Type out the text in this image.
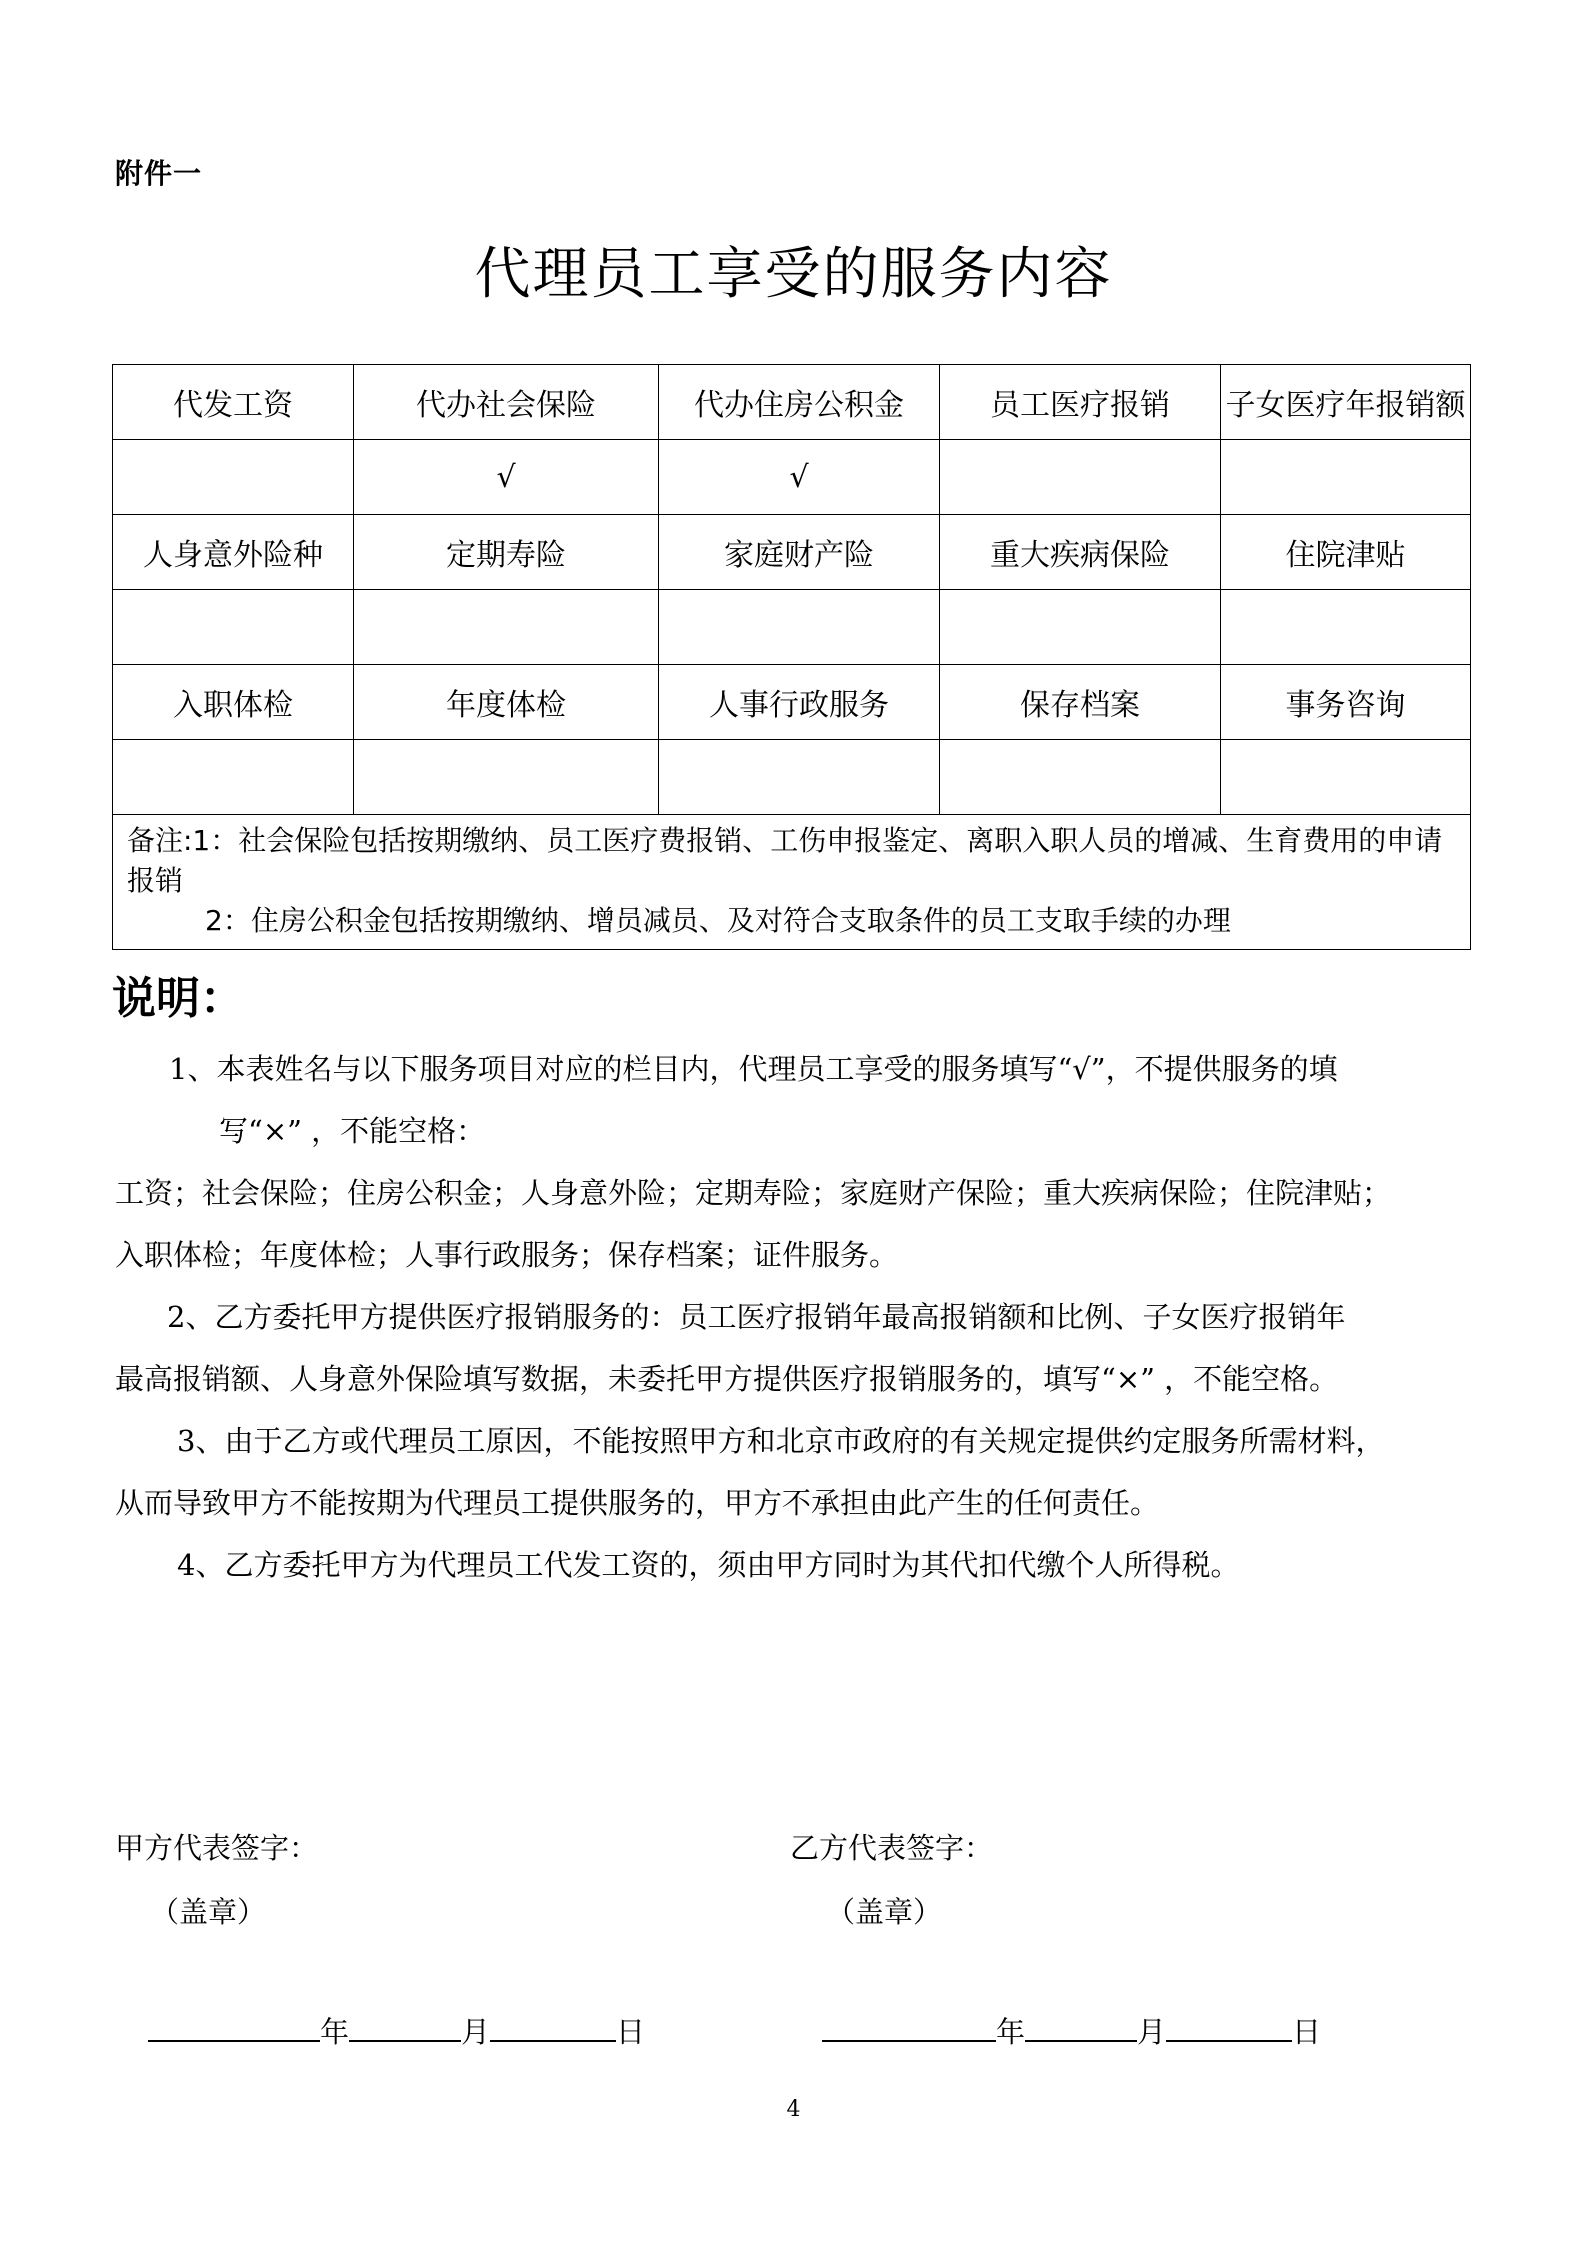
附件一
代理员工享受的服务内容
代发工资	代办社会保险	代办住房公积金	员工医疗报销	子女医疗年报销额
	√	√		
人身意外险种	定期寿险	家庭财产险	重大疾病保险	住院津贴

入职体检	年度体检	人事行政服务	保存档案	事务咨询

备注:1：社会保险包括按期缴纳、员工医疗费报销、工伤申报鉴定、离职入职人员的增减、生育费用的申请报销
2：住房公积金包括按期缴纳、增员减员、及对符合支取条件的员工支取手续的办理				
说明：
1、本表姓名与以下服务项目对应的栏目内，代理员工享受的服务填写“√”，不提供服务的填
写“×” ，不能空格：
工资；社会保险；住房公积金；人身意外险；定期寿险；家庭财产保险；重大疾病保险；住院津贴；
入职体检；年度体检；人事行政服务；保存档案；证件服务。
2、乙方委托甲方提供医疗报销服务的：员工医疗报销年最高报销额和比例、子女医疗报销年
最高报销额、人身意外保险填写数据，未委托甲方提供医疗报销服务的，填写“×” ，不能空格。
3、由于乙方或代理员工原因，不能按照甲方和北京市政府的有关规定提供约定服务所需材料，
从而导致甲方不能按期为代理员工提供服务的，甲方不承担由此产生的任何责任。
4、乙方委托甲方为代理员工代发工资的，须由甲方同时为其代扣代缴个人所得税。
甲方代表签字：	乙方代表签字：
（盖章）	（盖章）
年	月	日	年	月	日
4
